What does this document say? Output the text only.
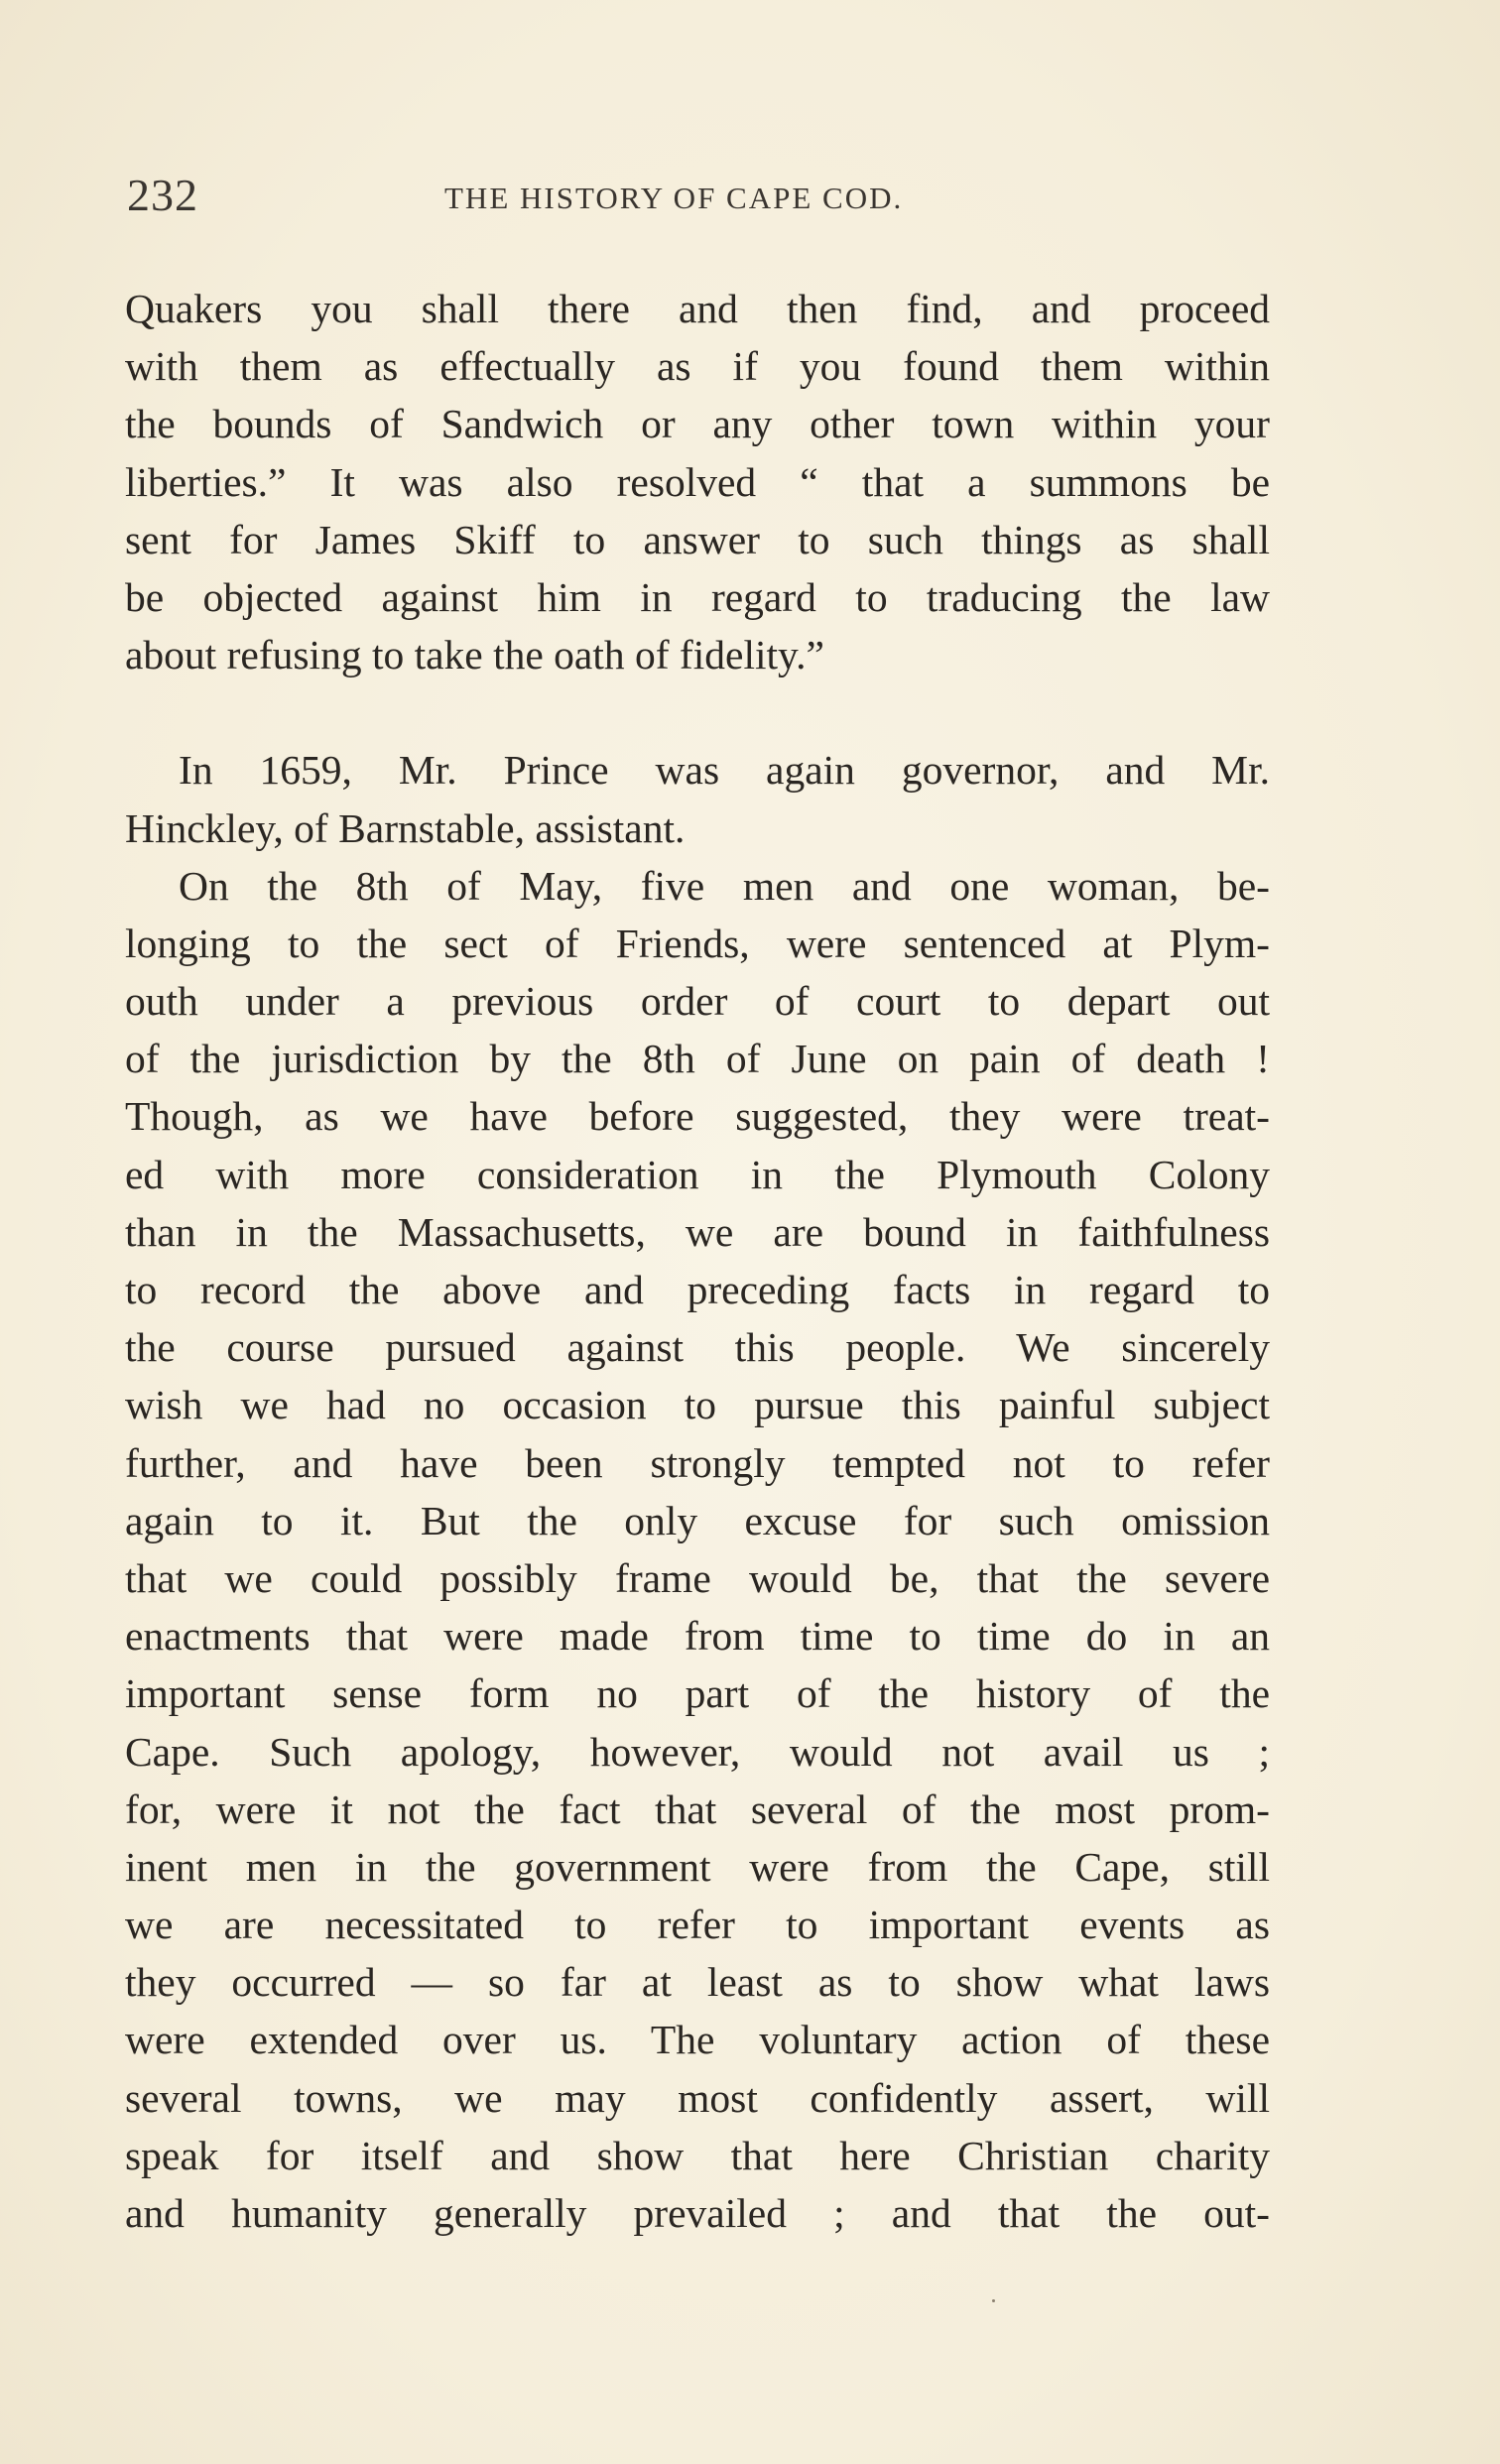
232	THE HISTORY OF CAPE COD.
Quakers you shall there and then find, and proceed
with them as effectually as if you found them within
the bounds of Sandwich or any other town within your
liberties.” It was also resolved “ that a summons be
sent for James Skiff to answer to such things as shall
be objected against him in regard to traducing the law
about refusing to take the oath of fidelity.”
In 1659, Mr. Prince was again governor, and Mr.
Hinckley, of Barnstable, assistant.
On the 8th of May, five men and one woman, be-
longing to the sect of Friends, were sentenced at Plym-
outh under a previous order of court to depart out
of the jurisdiction by the 8th of June on pain of death !
Though, as we have before suggested, they were treat-
ed with more consideration in the Plymouth Colony
than in the Massachusetts, we are bound in faithfulness
to record the above and preceding facts in regard to
the course pursued against this people. We sincerely
wish we had no occasion to pursue this painful subject
further, and have been strongly tempted not to refer
again to it. But the only excuse for such omission
that we could possibly frame would be, that the severe
enactments that were made from time to time do in an
important sense form no part of the history of the
Cape. Such apology, however, would not avail us ;
for, were it not the fact that several of the most prom-
inent men in the government were from the Cape, still
we are necessitated to refer to important events as
they occurred — so far at least as to show what laws
were extended over us. The voluntary action of these
several towns, we may most confidently assert, will
speak for itself and show that here Christian charity
and humanity generally prevailed ; and that the out-
